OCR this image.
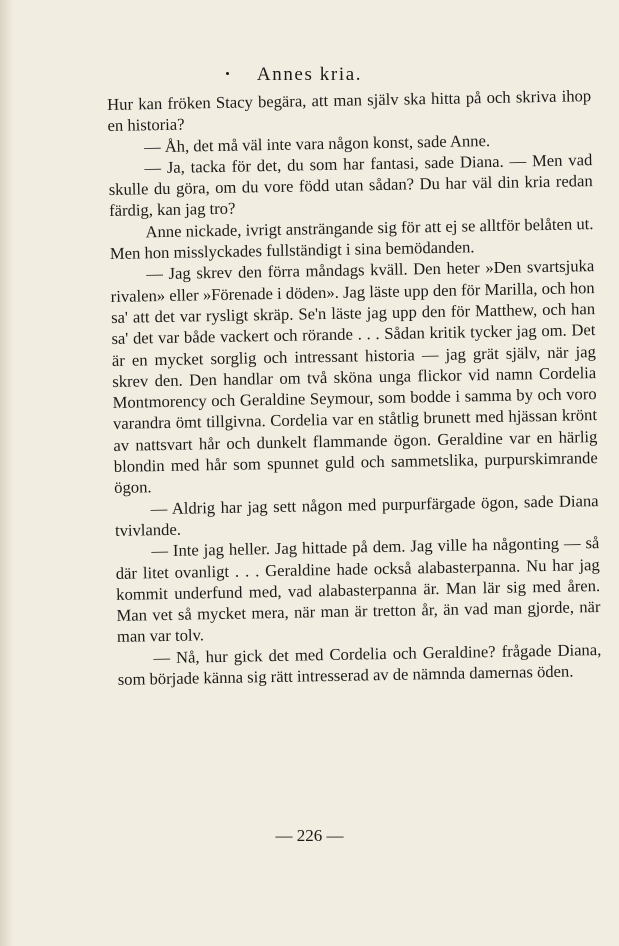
Annes kria.

Hur kan fröken Stacy begära, att man själv ska hitta på och skriva ihop en historia?

— Åh, det må väl inte vara någon konst, sade Anne.

— Ja, tacka för det, du som har fantasi, sade Diana. — Men vad skulle du göra, om du vore född utan sådan? Du har väl din kria redan färdig, kan jag tro?

Anne nickade, ivrigt ansträngande sig för att ej se alltför belåten ut. Men hon misslyckades fullständigt i sina bemödanden.

— Jag skrev den förra måndags kväll. Den heter »Den svartsjuka rivalen» eller »Förenade i döden». Jag läste upp den för Marilla, och hon sa' att det var rysligt skräp. Se'n läste jag upp den för Matthew, och han sa' det var både vackert och rörande . . . Sådan kritik tycker jag om. Det är en mycket sorglig och intressant historia — jag grät själv, när jag skrev den. Den handlar om två sköna unga flickor vid namn Cordelia Montmorency och Geraldine Seymour, som bodde i samma by och voro varandra ömt tillgivna. Cordelia var en ståtlig brunett med hjässan krönt av nattsvart hår och dunkelt flammande ögon. Geraldine var en härlig blondin med hår som spunnet guld och sammetslika, purpurskimrande ögon.

— Aldrig har jag sett någon med purpurfärgade ögon, sade Diana tvivlande.

— Inte jag heller. Jag hittade på dem. Jag ville ha någonting — så där litet ovanligt . . . Geraldine hade också alabasterpanna. Nu har jag kommit underfund med, vad alabasterpanna är. Man lär sig med åren. Man vet så mycket mera, när man är tretton år, än vad man gjorde, när man var tolv.

— Nå, hur gick det med Cordelia och Geraldine? frågade Diana, som började känna sig rätt intresserad av de nämnda damernas öden.

— 226 —
